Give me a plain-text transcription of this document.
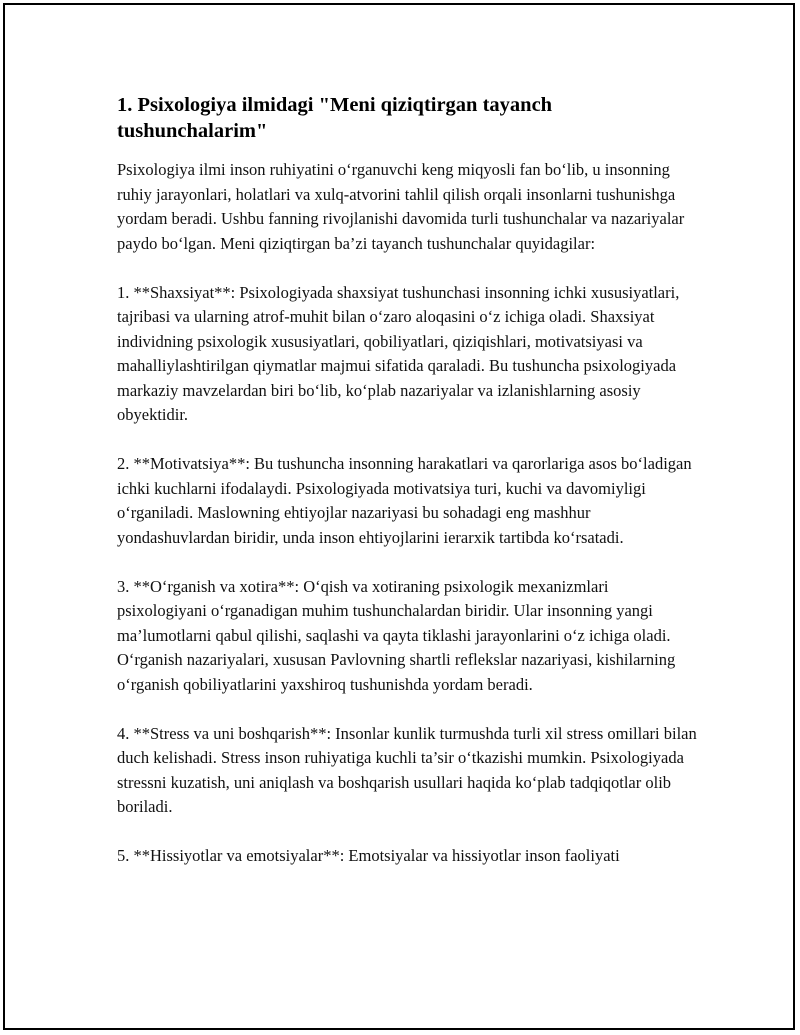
1. Psixologiya ilmidagi "Meni qiziqtirgan tayanch tushunchalarim"

Psixologiya ilmi inson ruhiyatini o‘rganuvchi keng miqyosli fan bo‘lib, u insonning ruhiy jarayonlari, holatlari va xulq-atvorini tahlil qilish orqali insonlarni tushunishga yordam beradi. Ushbu fanning rivojlanishi davomida turli tushunchalar va nazariyalar paydo bo‘lgan. Meni qiziqtirgan ba’zi tayanch tushunchalar quyidagilar:

1. **Shaxsiyat**: Psixologiyada shaxsiyat tushunchasi insonning ichki xususiyatlari, tajribasi va ularning atrof-muhit bilan o‘zaro aloqasini o‘z ichiga oladi. Shaxsiyat individning psixologik xususiyatlari, qobiliyatlari, qiziqishlari, motivatsiyasi va mahalliylashtirilgan qiymatlar majmui sifatida qaraladi. Bu tushuncha psixologiyada markaziy mavzelardan biri bo‘lib, ko‘plab nazariyalar va izlanishlarning asosiy obyektidir.

2. **Motivatsiya**: Bu tushuncha insonning harakatlari va qarorlariga asos bo‘ladigan ichki kuchlarni ifodalaydi. Psixologiyada motivatsiya turi, kuchi va davomiyligi o‘rganiladi. Maslowning ehtiyojlar nazariyasi bu sohadagi eng mashhur yondashuvlardan biridir, unda inson ehtiyojlarini ierarxik tartibda ko‘rsatadi.

3. **O‘rganish va xotira**: O‘qish va xotiraning psixologik mexanizmlari psixologiyani o‘rganadigan muhim tushunchalardan biridir. Ular insonning yangi ma’lumotlarni qabul qilishi, saqlashi va qayta tiklashi jarayonlarini o‘z ichiga oladi. O‘rganish nazariyalari, xususan Pavlovning shartli reflekslar nazariyasi, kishilarning o‘rganish qobiliyatlarini yaxshiroq tushunishda yordam beradi.

4. **Stress va uni boshqarish**: Insonlar kunlik turmushda turli xil stress omillari bilan duch kelishadi. Stress inson ruhiyatiga kuchli ta’sir o‘tkazishi mumkin. Psixologiyada stressni kuzatish, uni aniqlash va boshqarish usullari haqida ko‘plab tadqiqotlar olib boriladi.

5. **Hissiyotlar va emotsiyalar**: Emotsiyalar va hissiyotlar inson faoliyati
